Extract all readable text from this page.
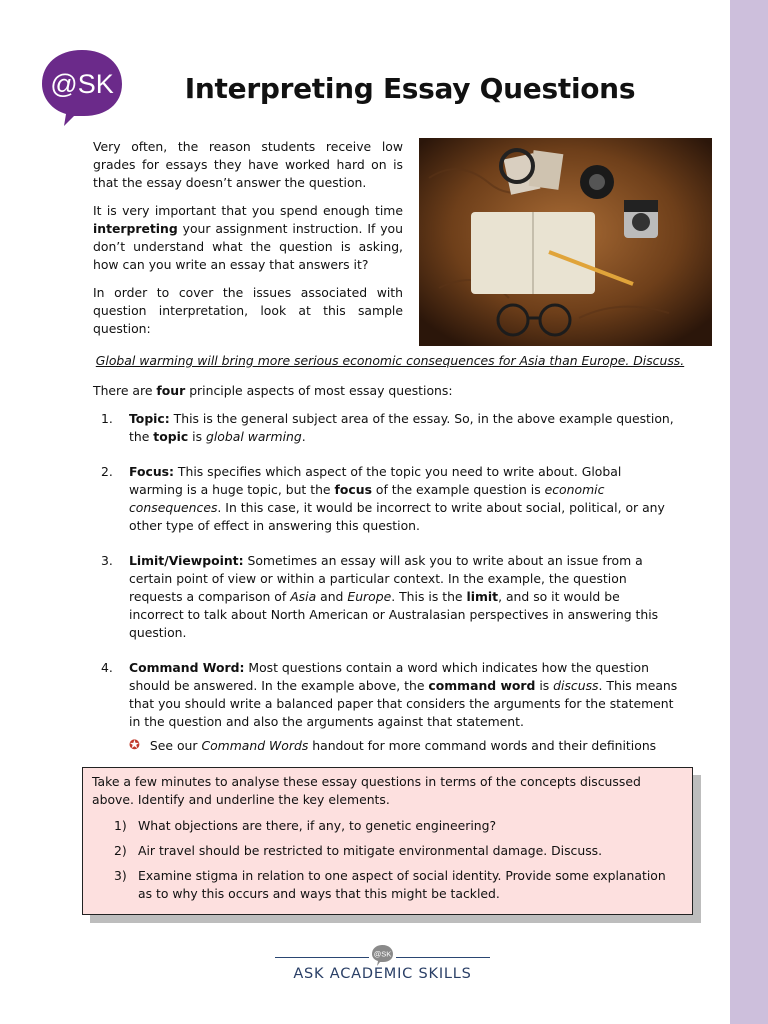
@SK	Interpreting Essay Questions

Very often, the reason students receive low grades for essays they have worked hard on is that the essay doesn’t answer the question.

It is very important that you spend enough time interpreting your assignment instruction. If you don’t understand what the question is asking, how can you write an essay that answers it?

In order to cover the issues associated with question interpretation, look at this sample question:

Global warming will bring more serious economic consequences for Asia than Europe. Discuss.
There are four principle aspects of most essay questions:
1.	Topic: This is the general subject area of the essay. So, in the above example question, the topic is global warming.
2.	Focus: This specifies which aspect of the topic you need to write about. Global warming is a huge topic, but the focus of the example question is economic consequences. In this case, it would be incorrect to write about social, political, or any other type of effect in answering this question.
3.	Limit/Viewpoint: Sometimes an essay will ask you to write about an issue from a certain point of view or within a particular context. In the example, the question requests a comparison of Asia and Europe. This is the limit, and so it would be incorrect to talk about North American or Australasian perspectives in answering this question.
4.	Command Word: Most questions contain a word which indicates how the question should be answered. In the example above, the command word is discuss. This means that you should write a balanced paper that considers the arguments for the statement in the question and also the arguments against that statement.
✪ See our Command Words handout for more command words and their definitions

Take a few minutes to analyse these essay questions in terms of the concepts discussed above. Identify and underline the key elements.

1) What objections are there, if any, to genetic engineering?
2) Air travel should be restricted to mitigate environmental damage. Discuss.
3) Examine stigma in relation to one aspect of social identity. Provide some explanation as to why this occurs and ways that this might be tackled.
@SK
ASK ACADEMIC SKILLS
